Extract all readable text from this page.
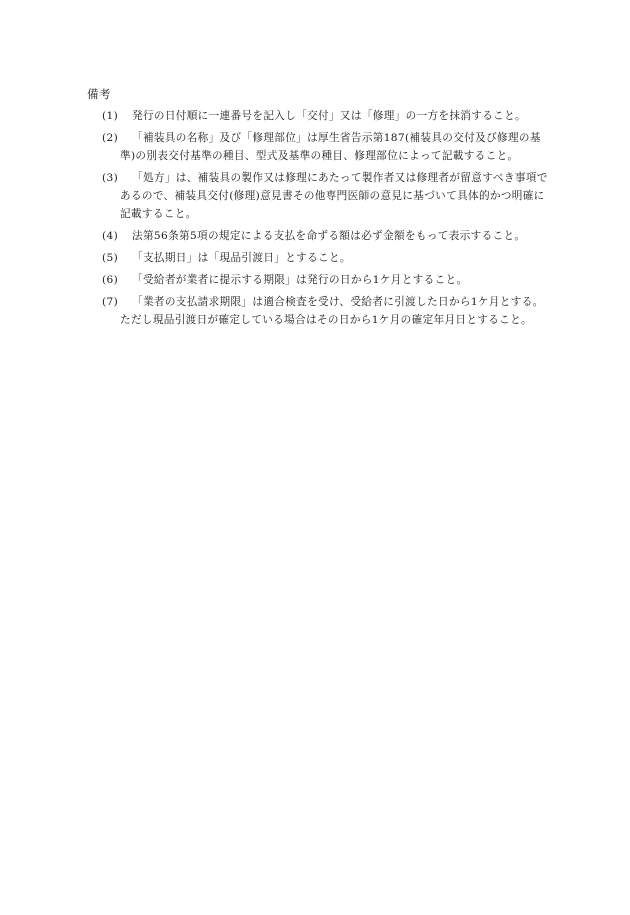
備考
(1)	発行の日付順に一連番号を記入し「交付」又は「修理」の一方を抹消すること。
(2)	「補装具の名称」及び「修理部位」は厚生省告示第187(補装具の交付及び修理の基準)の別表交付基準の種目、型式及基準の種目、修理部位によって記載すること。
(3)	「処方」は、補装具の製作又は修理にあたって製作者又は修理者が留意すべき事項であるので、補装具交付(修理)意見書その他専門医師の意見に基づいて具体的かつ明確に記載すること。
(4)	法第56条第5項の規定による支払を命ずる額は必ず金額をもって表示すること。
(5)	「支払期日」は「現品引渡日」とすること。
(6)	「受給者が業者に提示する期限」は発行の日から1ケ月とすること。
(7)	「業者の支払請求期限」は適合検査を受け、受給者に引渡した日から1ケ月とする。ただし現品引渡日が確定している場合はその日から1ケ月の確定年月日とすること。
